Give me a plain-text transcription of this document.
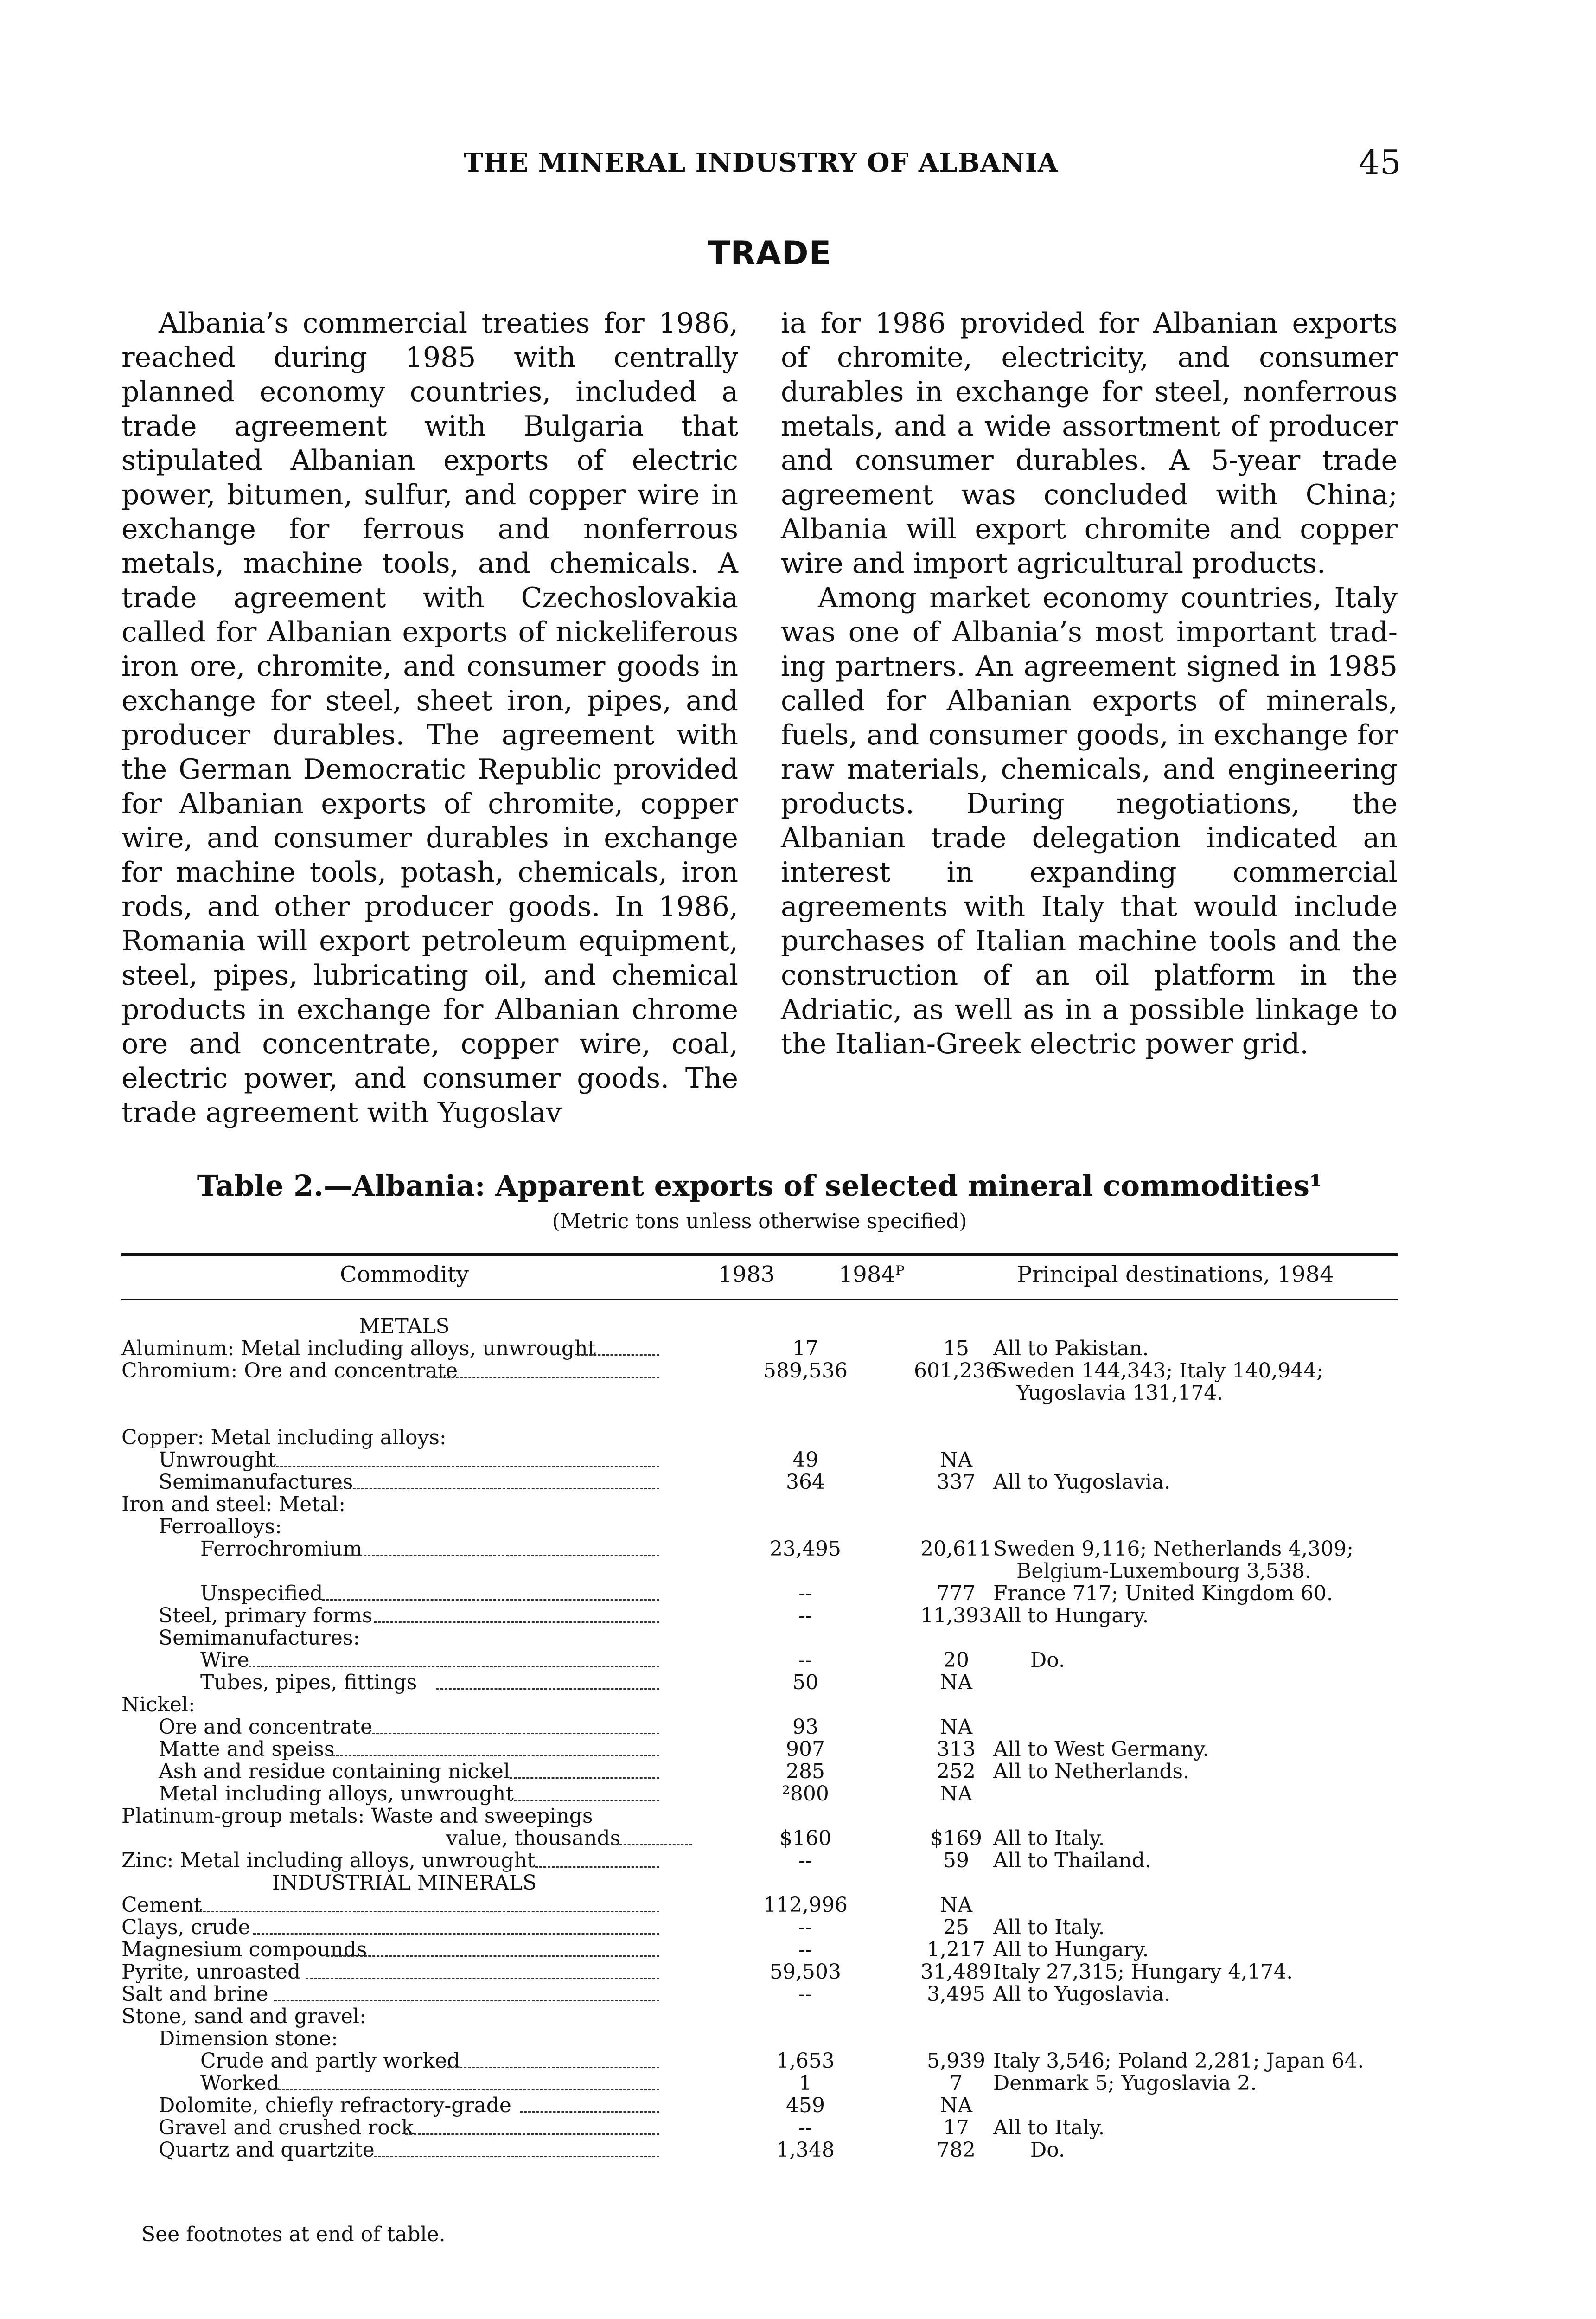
THE MINERAL INDUSTRY OF ALBANIA	45
TRADE

Albania’s commercial treaties for 1986, reached during 1985 with centrally planned economy countries, included a trade agreement with Bulgaria that stipulated Albanian exports of electric power, bitumen, sulfur, and copper wire in exchange for ferrous and nonferrous metals, machine tools, and chemicals. A trade agreement with Czechoslovakia called for Albanian exports of nickeliferous iron ore, chromite, and consumer goods in exchange for steel, sheet iron, pipes, and producer durables. The agreement with the German Democratic Republic provided for Albanian exports of chromite, copper wire, and consumer durables in exchange for machine tools, potash, chemicals, iron rods, and other producer goods. In 1986, Romania will export petroleum equipment, steel, pipes, lubricating oil, and chemical products in exchange for Albanian chrome ore and concentrate, copper wire, coal, electric power, and consumer goods. The trade agreement with Yugoslav

ia for 1986 provided for Albanian exports of chromite, electricity, and consumer durables in exchange for steel, nonferrous metals, and a wide assortment of producer and consumer durables. A 5-year trade agreement was concluded with China; Albania will export chromite and copper wire and import agricultural products.

Among market economy countries, Italy was one of Albania’s most important trading partners. An agreement signed in 1985 called for Albanian exports of minerals, fuels, and consumer goods, in exchange for raw materials, chemicals, and engineering products. During negotiations, the Albanian trade delegation indicated an interest in expanding commercial agreements with Italy that would include purchases of Italian machine tools and the construction of an oil platform in the Adriatic, as well as in a possible linkage to the Italian-Greek electric power grid.

Table 2.—Albania: Apparent exports of selected mineral commodities¹
(Metric tons unless otherwise specified)
Commodity	1983	1984ᴾ	Principal destinations, 1984
METALS
Aluminum: Metal including alloys, unwrought	17	15	All to Pakistan.
Chromium: Ore and concentrate	589,536	601,236
Sweden 144,343; Italy 140,944;
Yugoslavia 131,174.
Copper: Metal including alloys:
Unwrought	49	NA
Semimanufactures	364	337 All to Yugoslavia.
Iron and steel: Metal:
Ferroalloys:
Ferrochromium	23,495	20,611 Sweden 9,116; Netherlands 4,309;
Belgium-Luxembourg 3,538.
Unspecified	--	777 France 717; United Kingdom 60.
Steel, primary forms	--	11,393 All to Hungary.
Semimanufactures:
Wire	--	20	Do.
Tubes, pipes, fittings	50	NA
Nickel:
Ore and concentrate	93	NA
Matte and speiss	907	313 All to West Germany.
Ash and residue containing nickel	285	252 All to Netherlands.
Metal including alloys, unwrought	²800	NA
Platinum-group metals: Waste and sweepings
value, thousands	$160	$169 All to Italy.
Zinc: Metal including alloys, unwrought	--	59	All to Thailand.
INDUSTRIAL MINERALS
Cement	112,996	NA
Clays, crude	--	25	All to Italy.
Magnesium compounds	--	1,217 All to Hungary.
Pyrite, unroasted	59,503	31,489 Italy 27,315; Hungary 4,174.
Salt and brine	--	3,495 All to Yugoslavia.
Stone, sand and gravel:
Dimension stone:
Crude and partly worked	1,653	5,939 Italy 3,546; Poland 2,281; Japan 64.
Worked	1	7	Denmark 5; Yugoslavia 2.
Dolomite, chiefly refractory-grade	459	NA
Gravel and crushed rock	--	17	All to Italy.
Quartz and quartzite	1,348	782	Do.
See footnotes at end of table.
